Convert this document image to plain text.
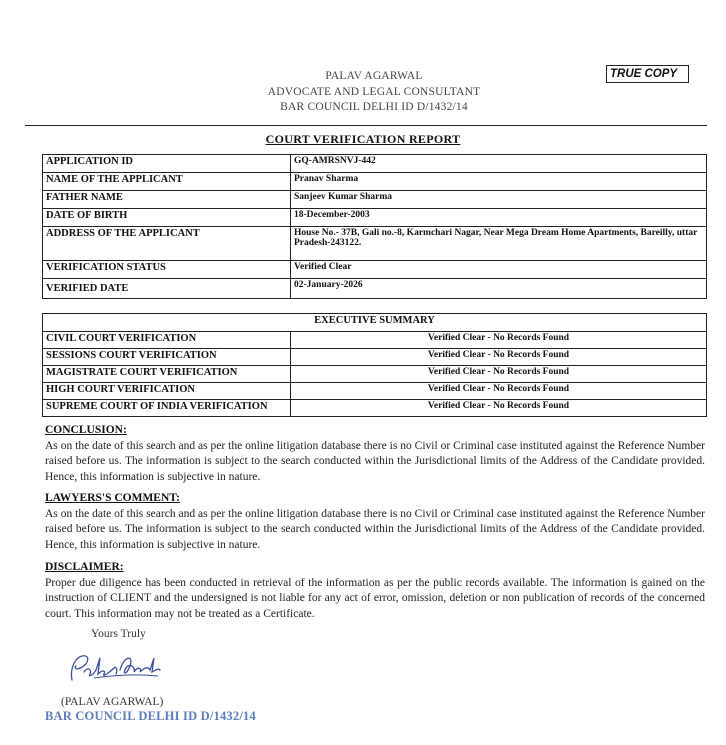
PALAV AGARWAL
ADVOCATE AND LEGAL CONSULTANT
BAR COUNCIL DELHI ID D/1432/14
TRUE COPY
COURT VERIFICATION REPORT
APPLICATION ID	GQ-AMRSNVJ-442
NAME OF THE APPLICANT	Pranav Sharma
FATHER NAME	Sanjeev Kumar Sharma
DATE OF BIRTH	18-December-2003
ADDRESS OF THE APPLICANT	House No.- 37B, Gali no.-8, Karmchari Nagar, Near Mega Dream Home Apartments, Bareilly, uttar Pradesh-243122.
VERIFICATION STATUS	Verified Clear
VERIFIED DATE	02-January-2026
EXECUTIVE SUMMARY	
CIVIL COURT VERIFICATION	Verified Clear - No Records Found
SESSIONS COURT VERIFICATION	Verified Clear - No Records Found
MAGISTRATE COURT VERIFICATION	Verified Clear - No Records Found
HIGH COURT VERIFICATION	Verified Clear - No Records Found
SUPREME COURT OF INDIA VERIFICATION	Verified Clear - No Records Found
CONCLUSION:
As on the date of this search and as per the online litigation database there is no Civil or Criminal case instituted against the Reference Number raised before us. The information is subject to the search conducted within the Jurisdictional limits of the Address of the Candidate provided. Hence, this information is subjective in nature.
LAWYERS'S COMMENT:
As on the date of this search and as per the online litigation database there is no Civil or Criminal case instituted against the Reference Number raised before us. The information is subject to the search conducted within the Jurisdictional limits of the Address of the Candidate provided. Hence, this information is subjective in nature.
DISCLAIMER:
Proper due diligence has been conducted in retrieval of the information as per the public records available. The information is gained on the instruction of CLIENT and the undersigned is not liable for any act of error, omission, deletion or non publication of records of the concerned court. This information may not be treated as a Certificate.
Yours Truly
(PALAV AGARWAL)
BAR COUNCIL DELHI ID D/1432/14
